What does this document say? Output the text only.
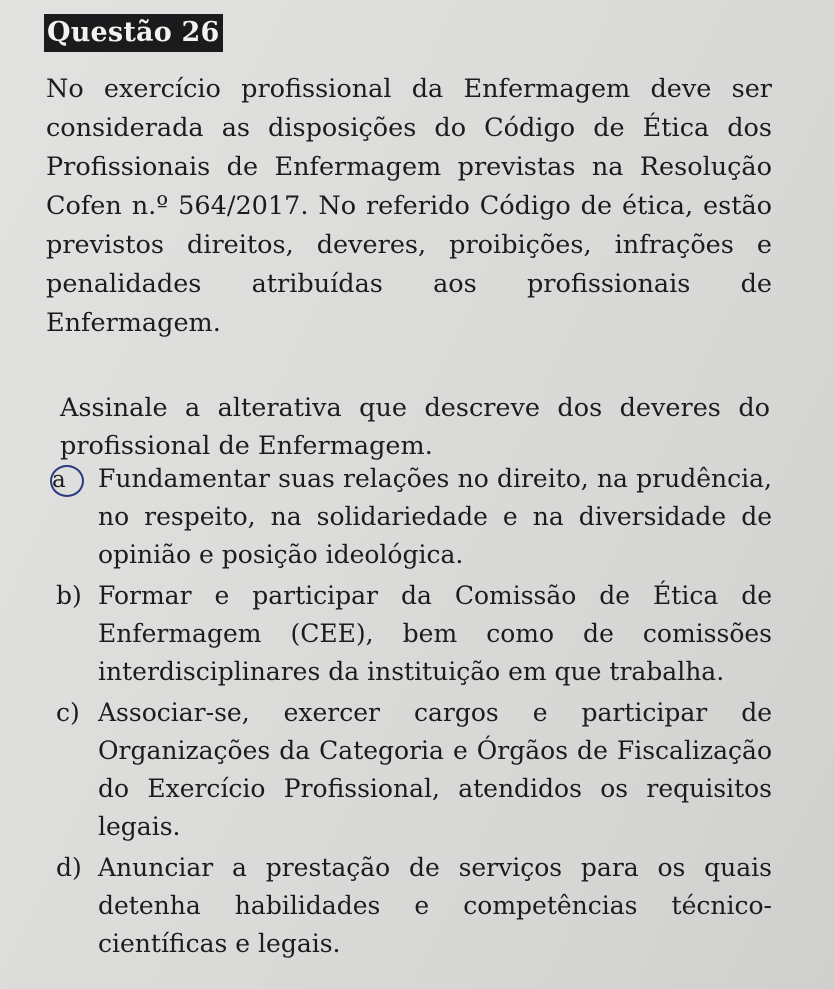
Questão 26
No exercício profissional da Enfermagem deve ser considerada as disposições do Código de Ética dos Profissionais de Enfermagem previstas na Resolução Cofen n.º 564/2017. No referido Código de ética, estão previstos direitos, deveres, proibições, infrações e penalidades atribuídas aos profissionais de Enfermagem.
Assinale a alterativa que descreve dos deveres do profissional de Enfermagem.
a	Fundamentar suas relações no direito, na prudência, no respeito, na solidariedade e na diversidade de opinião e posição ideológica.
b) Formar e participar da Comissão de Ética de Enfermagem (CEE), bem como de comissões interdisciplinares da instituição em que trabalha.
c) Associar-se, exercer cargos e participar de Organizações da Categoria e Órgãos de Fiscalização do Exercício Profissional, atendidos os requisitos legais.
d) Anunciar a prestação de serviços para os quais detenha habilidades e competências técnico-científicas e legais.
